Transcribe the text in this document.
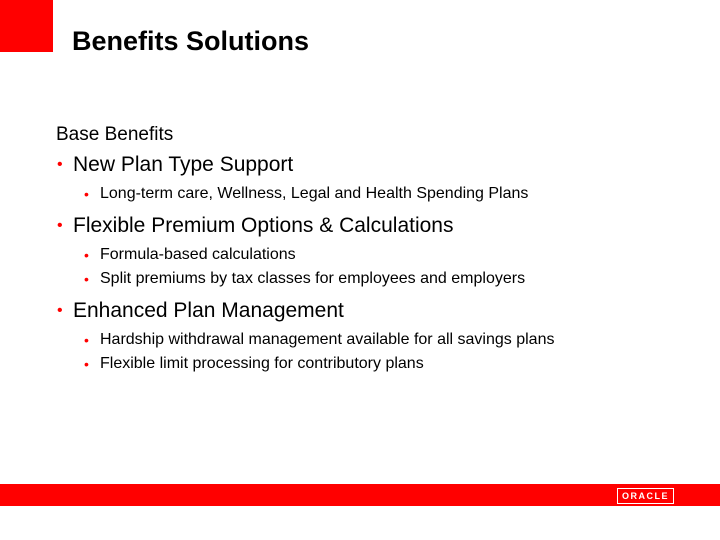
Benefits Solutions
Base Benefits
• New Plan Type Support
• Long-term care, Wellness, Legal and Health Spending Plans
• Flexible Premium Options & Calculations
• Formula-based calculations
• Split premiums by tax classes for employees and employers
• Enhanced Plan Management
• Hardship withdrawal management available for all savings plans
• Flexible limit processing for contributory plans
ORACLE
